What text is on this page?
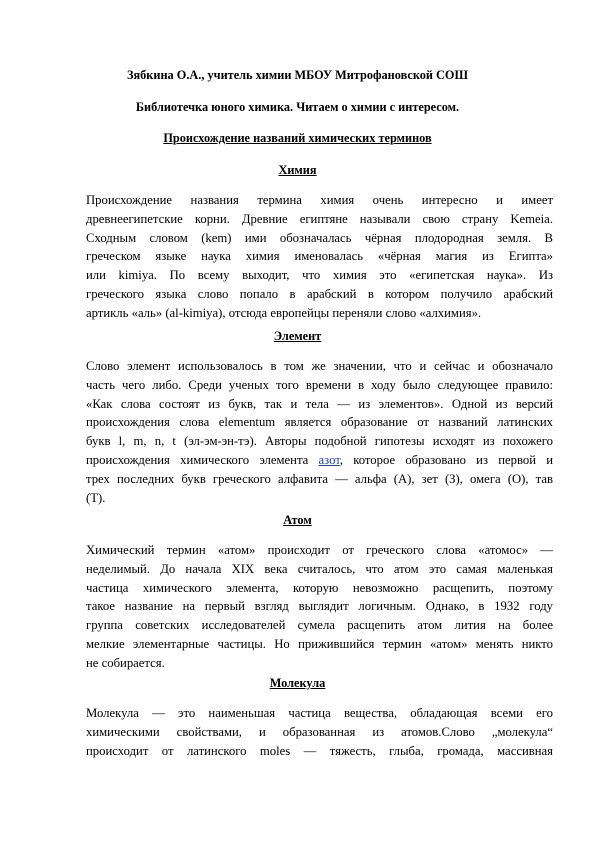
Зябкина О.А., учитель химии МБОУ Митрофановской СОШ
Библиотечка юного химика. Читаем о химии с интересом.
Происхождение названий химических терминов
Химия
Происхождение названия термина химия очень интересно и имеет
древнеегипетские корни. Древние египтяне называли свою страну Kemeia.
Сходным словом (kem) ими обозначалась чёрная плодородная земля. В
греческом языке наука химия именовалась «чёрная магия из Египта»
или kimiya. По всему выходит, что химия это «египетская наука». Из
греческого языка слово попало в арабский в котором получило арабский
артикль «аль» (al-kimiya), отсюда европейцы переняли слово «алхимия».
Элемент
Слово элемент использовалось в том же значении, что и сейчас и обозначало
часть чего либо. Среди ученых того времени в ходу было следующее правило:
«Как слова состоят из букв, так и тела — из элементов». Одной из версий
происхождения слова elementum является образование от названий латинских
букв l, m, n, t (эл-эм-эн-тэ). Авторы подобной гипотезы исходят из похожего
происхождения химического элемента азот, которое образовано из первой и
трех последних букв греческого алфавита — альфа (А), зет (З), омега (О), тав
(Т).
Атом
Химический термин «атом» происходит от греческого слова «атомос» —
неделимый. До начала XIX века считалось, что атом это самая маленькая
частица химического элемента, которую невозможно расщепить, поэтому
такое название на первый взгляд выглядит логичным. Однако, в 1932 году
группа советских исследователей сумела расщепить атом лития на более
мелкие элементарные частицы. Но прижившийся термин «атом» менять никто
не собирается.
Молекула
Молекула — это наименьшая частица вещества, обладающая всеми его
химическими свойствами, и образованная из атомов.Слово „молекула“
происходит от латинского moles — тяжесть, глыба, громада, массивная
